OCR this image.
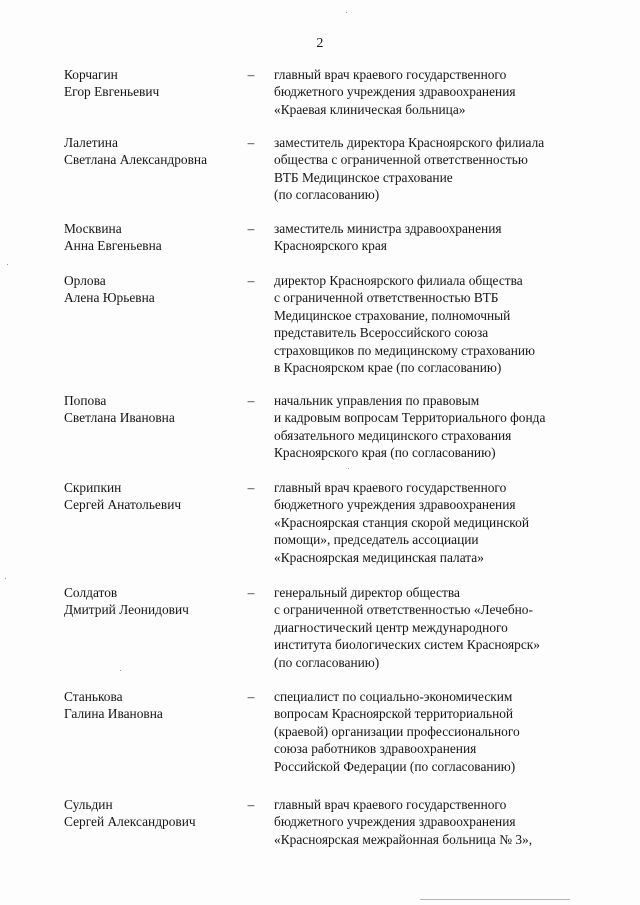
2
Корчагин
Егор Евгеньевич
– главный врач краевого государственного
бюджетного учреждения здравоохранения
«Краевая клиническая больница»
Лалетина
Светлана Александровна
– заместитель директора Красноярского филиала
общества с ограниченной ответственностью
ВТБ Медицинское страхование
(по согласованию)
Москвина
Анна Евгеньевна
– заместитель министра здравоохранения
Красноярского края
Орлова
Алена Юрьевна
– директор Красноярского филиала общества
с ограниченной ответственностью ВТБ
Медицинское страхование, полномочный
представитель Всероссийского союза
страховщиков по медицинскому страхованию
в Красноярском крае (по согласованию)
Попова
Светлана Ивановна
– начальник управления по правовым
и кадровым вопросам Территориального фонда
обязательного медицинского страхования
Красноярского края (по согласованию)
Скрипкин
Сергей Анатольевич
– главный врач краевого государственного
бюджетного учреждения здравоохранения
«Красноярская станция скорой медицинской
помощи», председатель ассоциации
«Красноярская медицинская палата»
Солдатов
Дмитрий Леонидович
– генеральный директор общества
с ограниченной ответственностью «Лечебно-
диагностический центр международного
института биологических систем Красноярск»
(по согласованию)
Станькова
Галина Ивановна
– специалист по социально-экономическим
вопросам Красноярской территориальной
(краевой) организации профессионального
союза работников здравоохранения
Российской Федерации (по согласованию)
Сульдин
Сергей Александрович
– главный врач краевого государственного
бюджетного учреждения здравоохранения
«Красноярская межрайонная больница № 3»,
